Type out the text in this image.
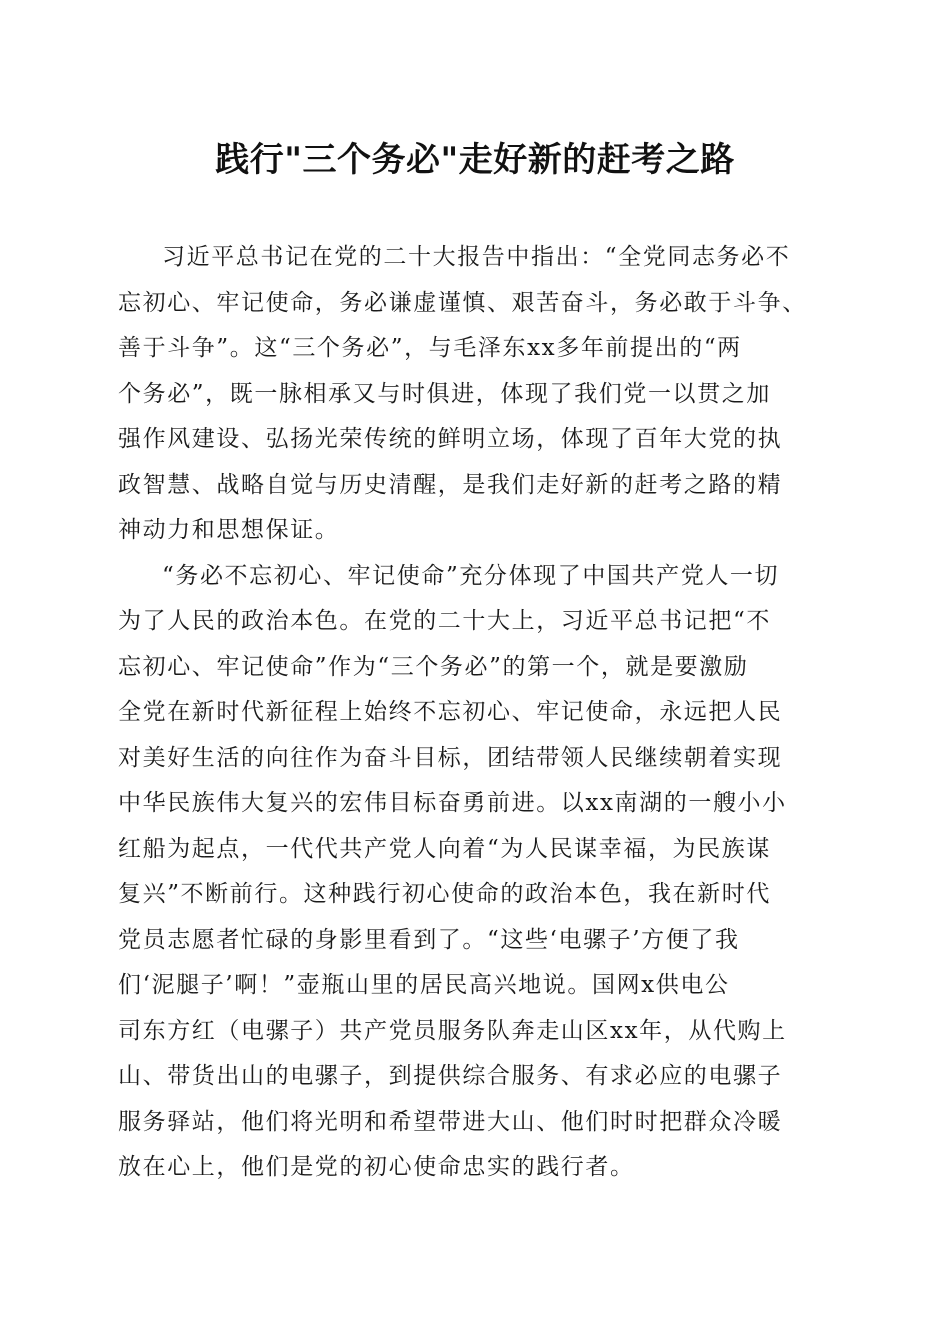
践行"三个务必"走好新的赶考之路
习近平总书记在党的二十大报告中指出：“全党同志务必不
忘初心、牢记使命，务必谦虚谨慎、艰苦奋斗，务必敢于斗争、
善于斗争”。这“三个务必”，与毛泽东xx多年前提出的“两
个务必”，既一脉相承又与时俱进，体现了我们党一以贯之加
强作风建设、弘扬光荣传统的鲜明立场，体现了百年大党的执
政智慧、战略自觉与历史清醒，是我们走好新的赶考之路的精
神动力和思想保证。
“务必不忘初心、牢记使命”充分体现了中国共产党人一切
为了人民的政治本色。在党的二十大上，习近平总书记把“不
忘初心、牢记使命”作为“三个务必”的第一个，就是要激励
全党在新时代新征程上始终不忘初心、牢记使命，永远把人民
对美好生活的向往作为奋斗目标，团结带领人民继续朝着实现
中华民族伟大复兴的宏伟目标奋勇前进。以xx南湖的一艘小小
红船为起点，一代代共产党人向着“为人民谋幸福，为民族谋
复兴”不断前行。这种践行初心使命的政治本色，我在新时代
党员志愿者忙碌的身影里看到了。“这些‘电骡子’方便了我
们‘泥腿子’啊！”壶瓶山里的居民高兴地说。国网x供电公
司东方红（电骡子）共产党员服务队奔走山区xx年，从代购上
山、带货出山的电骡子，到提供综合服务、有求必应的电骡子
服务驿站，他们将光明和希望带进大山、他们时时把群众冷暖
放在心上，他们是党的初心使命忠实的践行者。
